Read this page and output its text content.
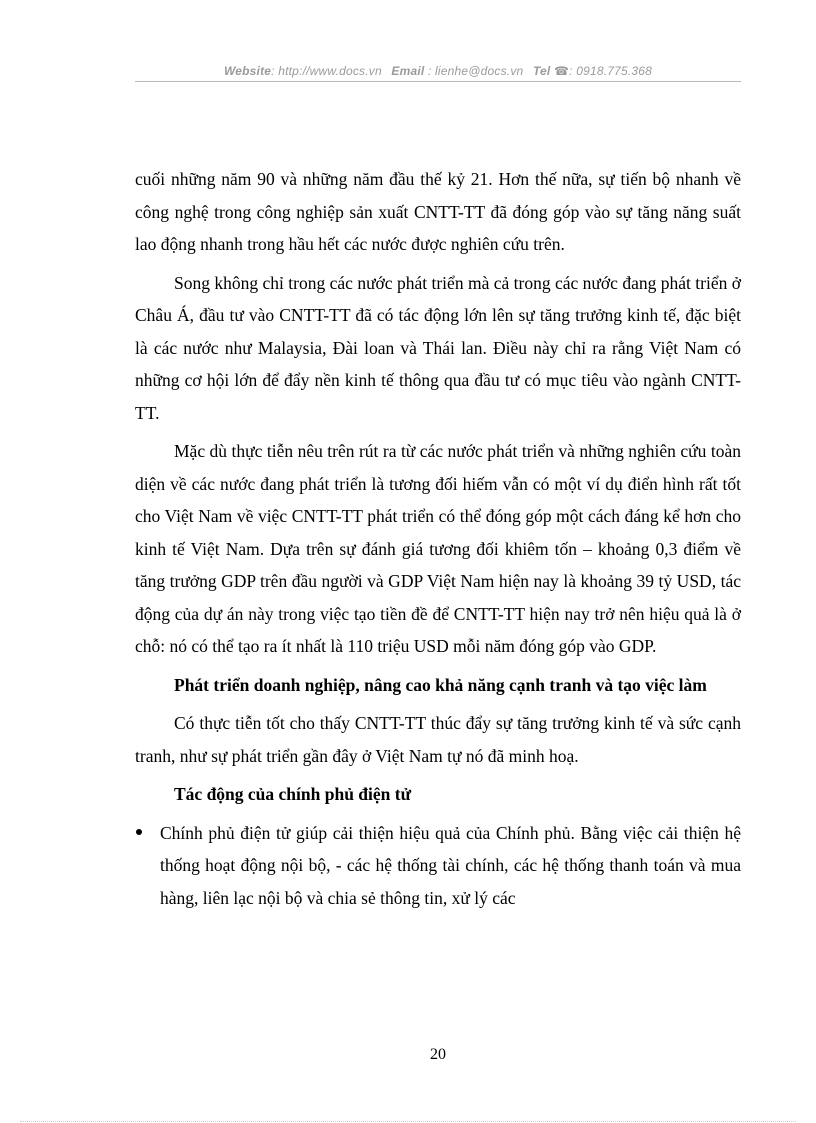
Website: http://www.docs.vn Email : lienhe@docs.vn Tel ☎: 0918.775.368

cuối những năm 90 và những năm đầu thế kỷ 21. Hơn thế nữa, sự tiến bộ nhanh về công nghệ trong công nghiệp sản xuất CNTT-TT đã đóng góp vào sự tăng năng suất lao động nhanh trong hầu hết các nước được nghiên cứu trên.

Song không chỉ trong các nước phát triển mà cả trong các nước đang phát triển ở Châu Á, đầu tư vào CNTT-TT đã có tác động lớn lên sự tăng trưởng kinh tế, đặc biệt là các nước như Malaysia, Đài loan và Thái lan. Điều này chỉ ra rằng Việt Nam có những cơ hội lớn để đẩy nền kinh tế thông qua đầu tư có mục tiêu vào ngành CNTT-TT.

Mặc dù thực tiễn nêu trên rút ra từ các nước phát triển và những nghiên cứu toàn diện về các nước đang phát triển là tương đối hiếm vẫn có một ví dụ điển hình rất tốt cho Việt Nam về việc CNTT-TT phát triển có thể đóng góp một cách đáng kể hơn cho kinh tế Việt Nam. Dựa trên sự đánh giá tương đối khiêm tốn – khoảng 0,3 điểm về tăng trưởng GDP trên đầu người và GDP Việt Nam hiện nay là khoảng 39 tỷ USD, tác động của dự án này trong việc tạo tiền đề để CNTT-TT hiện nay trở nên hiệu quả là ở chỗ: nó có thể tạo ra ít nhất là 110 triệu USD mỗi năm đóng góp vào GDP.

Phát triển doanh nghiệp, nâng cao khả năng cạnh tranh và tạo việc làm

Có thực tiễn tốt cho thấy CNTT-TT thúc đẩy sự tăng trưởng kinh tế và sức cạnh tranh, như sự phát triển gần đây ở Việt Nam tự nó đã minh hoạ.

Tác động của chính phủ điện tử

Chính phủ điện tử giúp cải thiện hiệu quả của Chính phủ. Bằng việc cải thiện hệ thống hoạt động nội bộ, - các hệ thống tài chính, các hệ thống thanh toán và mua hàng, liên lạc nội bộ và chia sẻ thông tin, xử lý các
20
